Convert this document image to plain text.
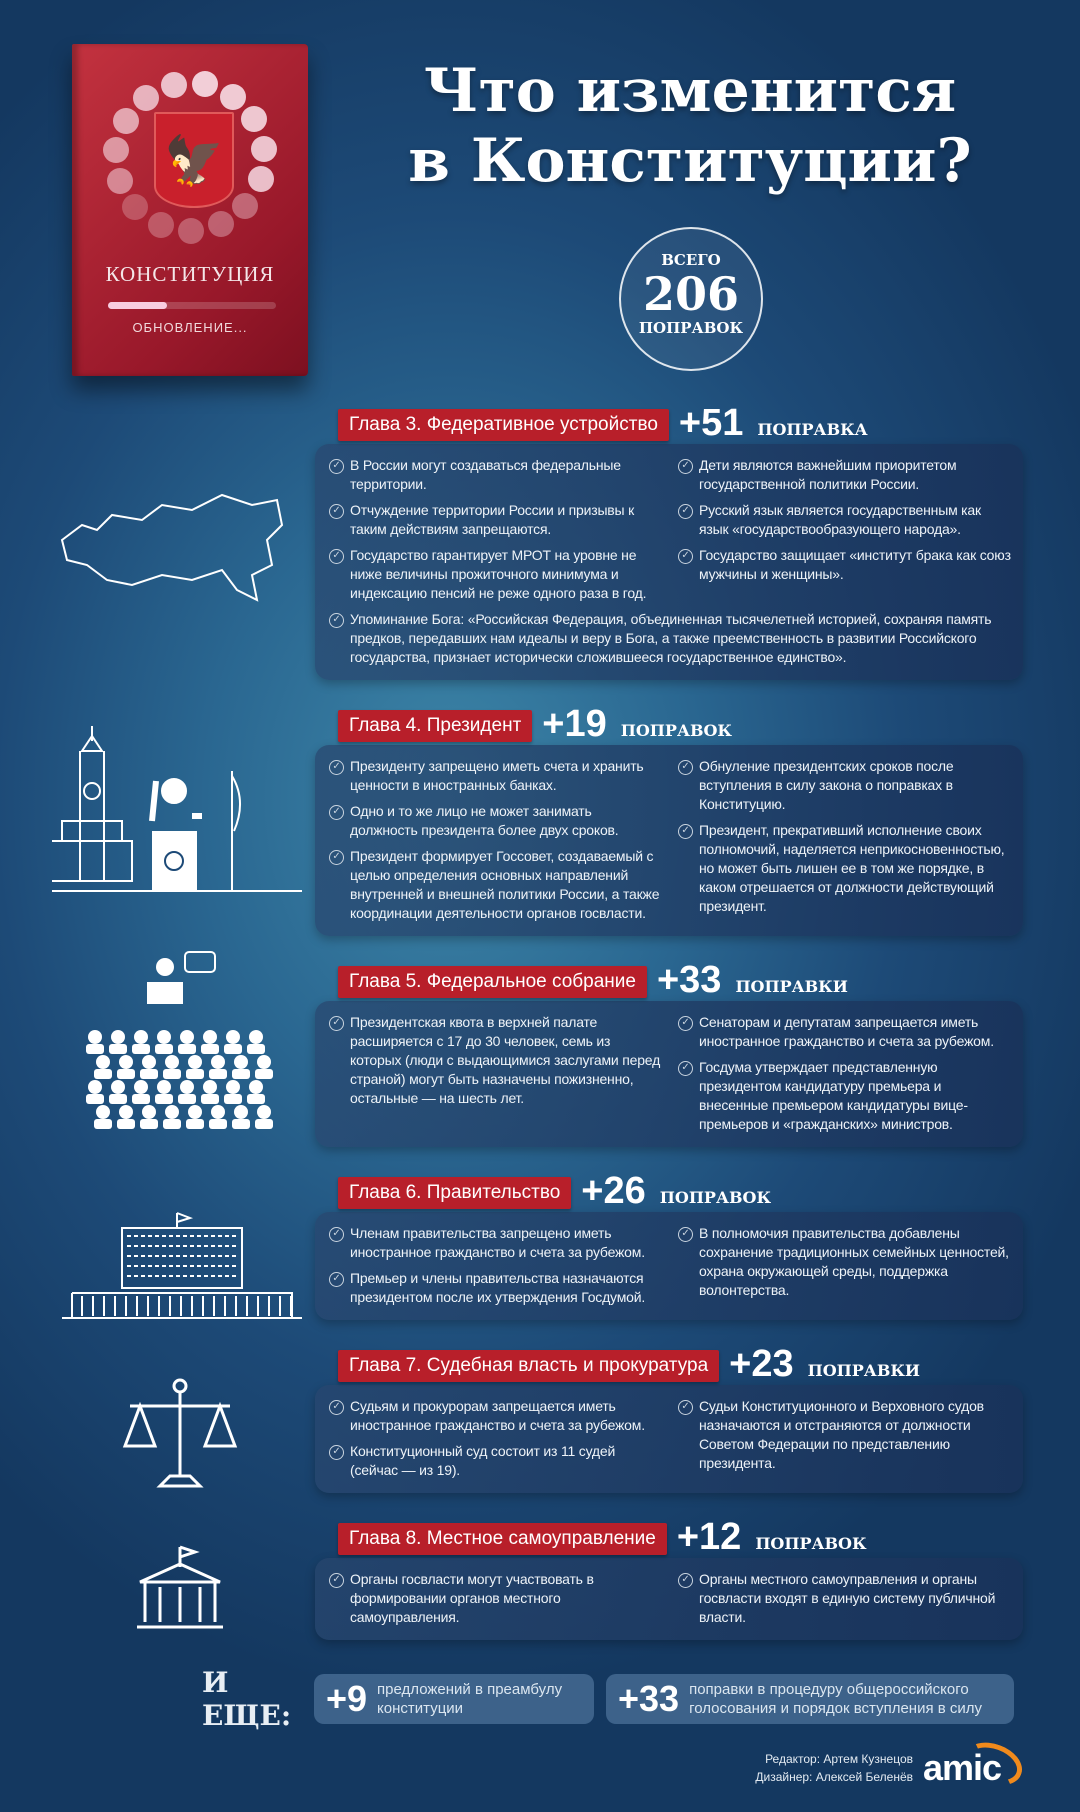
🦅
КОНСТИТУЦИЯ
ОБНОВЛЕНИЕ...
Что изменится
в Конституции?
ВСЕГО
206
ПОПРАВОК
Глава 3. Федеративное устройство +51 ПОПРАВКА
✓ В России могут создаваться федеральные территории.
✓ Отчуждение территории России и призывы к таким действиям запрещаются.
✓ Государство гарантирует МРОТ на уровне не ниже величины прожиточного минимума и индексацию пенсий не реже одного раза в год.
✓ Дети являются важнейшим приоритетом государственной политики России.
✓ Русский язык является государственным как язык «государствообразующего народа».
✓ Государство защищает «институт брака как союз мужчины и женщины».
✓ Упоминание Бога: «Российская Федерация, объединенная тысячелетней историей, сохраняя память предков, передавших нам идеалы и веру в Бога, а также преемственность в развитии Российского государства, признает исторически сложившееся государственное единство».
Глава 4. Президент +19 ПОПРАВОК
✓ Президенту запрещено иметь счета и хранить ценности в иностранных банках.
✓ Одно и то же лицо не может занимать должность президента более двух сроков.
✓ Президент формирует Госсовет, создаваемый с целью определения основных направлений внутренней и внешней политики России, а также координации деятельности органов госвласти.
✓ Обнуление президентских сроков после вступления в силу закона о поправках в Конституцию.
✓ Президент, прекративший исполнение своих полномочий, наделяется неприкосновенностью, но может быть лишен ее в том же порядке, в каком отрешается от должности действующий президент.
Глава 5. Федеральное собрание +33 ПОПРАВКИ
✓ Президентская квота в верхней палате расширяется с 17 до 30 человек, семь из которых (люди с выдающимися заслугами перед страной) могут быть назначены пожизненно, остальные — на шесть лет.
✓ Сенаторам и депутатам запрещается иметь иностранное гражданство и счета за рубежом.
✓ Госдума утверждает представленную президентом кандидатуру премьера и внесенные премьером кандидатуры вице-премьеров и «гражданских» министров.
Глава 6. Правительство +26 ПОПРАВОК
✓ Членам правительства запрещено иметь иностранное гражданство и счета за рубежом.
✓ Премьер и члены правительства назначаются президентом после их утверждения Госдумой.
✓ В полномочия правительства добавлены сохранение традиционных семейных ценностей, охрана окружающей среды, поддержка волонтерства.
Глава 7. Судебная власть и прокуратура +23 ПОПРАВКИ
✓ Судьям и прокурорам запрещается иметь иностранное гражданство и счета за рубежом.
✓ Конституционный суд состоит из 11 судей (сейчас — из 19).
✓ Судьи Конституционного и Верховного судов назначаются и отстраняются от должности Советом Федерации по представлению президента.
Глава 8. Местное самоуправление +12 ПОПРАВОК
✓ Органы госвласти могут участвовать в формировании органов местного самоуправления.
✓ Органы местного самоуправления и органы госвласти входят в единую систему публичной власти.
И ЕЩЕ: +9 предложений в преамбулу конституции	+33 поправки в процедуру общероссийского голосования и порядок вступления в силу
Редактор: Артем Кузнецов
Дизайнер: Алексей Беленёв amic
